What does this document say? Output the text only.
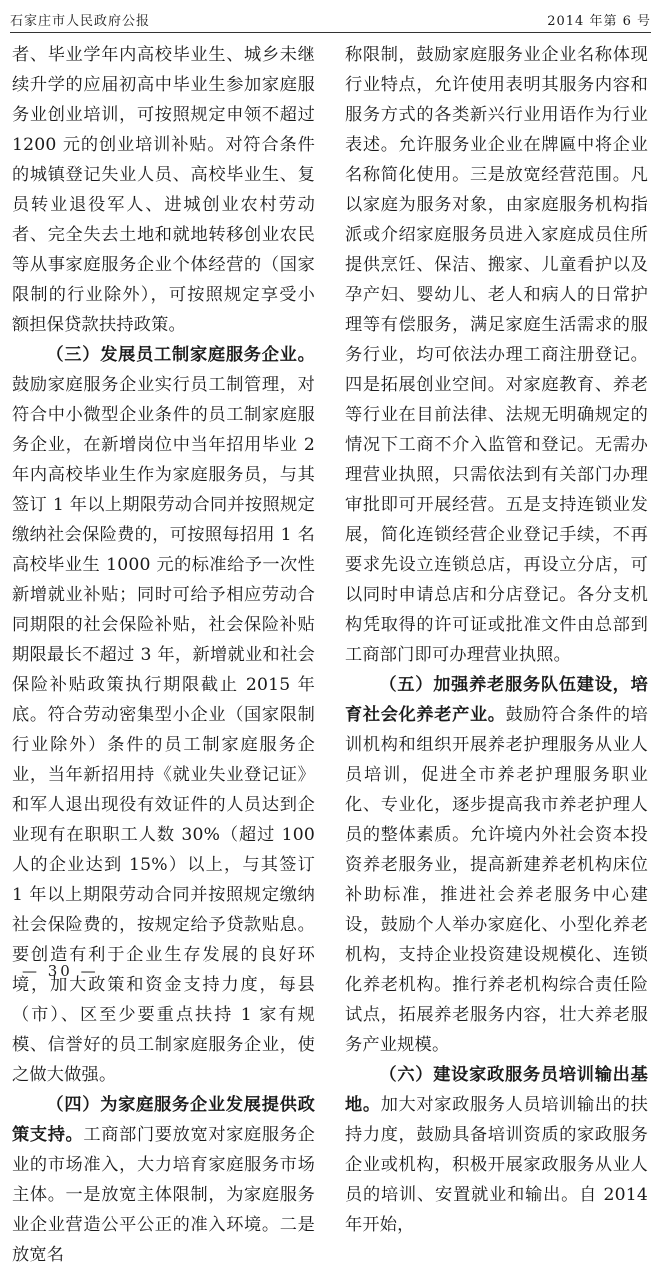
石家庄市人民政府公报	2014 年第 6 号

者、毕业学年内高校毕业生、城乡未继续升学的应届初高中毕业生参加家庭服务业创业培训，可按照规定申领不超过 1200 元的创业培训补贴。对符合条件的城镇登记失业人员、高校毕业生、复员转业退役军人、进城创业农村劳动者、完全失去土地和就地转移创业农民等从事家庭服务企业个体经营的（国家限制的行业除外），可按照规定享受小额担保贷款扶持政策。

（三）发展员工制家庭服务企业。鼓励家庭服务企业实行员工制管理，对符合中小微型企业条件的员工制家庭服务企业，在新增岗位中当年招用毕业 2 年内高校毕业生作为家庭服务员，与其签订 1 年以上期限劳动合同并按照规定缴纳社会保险费的，可按照每招用 1 名高校毕业生 1000 元的标准给予一次性新增就业补贴；同时可给予相应劳动合同期限的社会保险补贴，社会保险补贴期限最长不超过 3 年，新增就业和社会保险补贴政策执行期限截止 2015 年底。符合劳动密集型小企业（国家限制行业除外）条件的员工制家庭服务企业，当年新招用持《就业失业登记证》和军人退出现役有效证件的人员达到企业现有在职职工人数 30%（超过 100 人的企业达到 15%）以上，与其签订 1 年以上期限劳动合同并按照规定缴纳社会保险费的，按规定给予贷款贴息。要创造有利于企业生存发展的良好环境，加大政策和资金支持力度，每县（市）、区至少要重点扶持 1 家有规模、信誉好的员工制家庭服务企业，使之做大做强。

（四）为家庭服务企业发展提供政策支持。工商部门要放宽对家庭服务企业的市场准入，大力培育家庭服务市场主体。一是放宽主体限制，为家庭服务业企业营造公平公正的准入环境。二是放宽名

称限制，鼓励家庭服务业企业名称体现行业特点，允许使用表明其服务内容和服务方式的各类新兴行业用语作为行业表述。允许服务业企业在牌匾中将企业名称简化使用。三是放宽经营范围。凡以家庭为服务对象，由家庭服务机构指派或介绍家庭服务员进入家庭成员住所提供烹饪、保洁、搬家、儿童看护以及孕产妇、婴幼儿、老人和病人的日常护理等有偿服务，满足家庭生活需求的服务行业，均可依法办理工商注册登记。四是拓展创业空间。对家庭教育、养老等行业在目前法律、法规无明确规定的情况下工商不介入监管和登记。无需办理营业执照，只需依法到有关部门办理审批即可开展经营。五是支持连锁业发展，简化连锁经营企业登记手续，不再要求先设立连锁总店，再设立分店，可以同时申请总店和分店登记。各分支机构凭取得的许可证或批准文件由总部到工商部门即可办理营业执照。

（五）加强养老服务队伍建设，培育社会化养老产业。鼓励符合条件的培训机构和组织开展养老护理服务从业人员培训，促进全市养老护理服务职业化、专业化，逐步提高我市养老护理人员的整体素质。允许境内外社会资本投资养老服务业，提高新建养老机构床位补助标准，推进社会养老服务中心建设，鼓励个人举办家庭化、小型化养老机构，支持企业投资建设规模化、连锁化养老机构。推行养老机构综合责任险试点，拓展养老服务内容，壮大养老服务产业规模。

（六）建设家政服务员培训输出基地。加大对家政服务人员培训输出的扶持力度，鼓励具备培训资质的家政服务企业或机构，积极开展家政服务从业人员的培训、安置就业和输出。自 2014 年开始，

— 30 —
